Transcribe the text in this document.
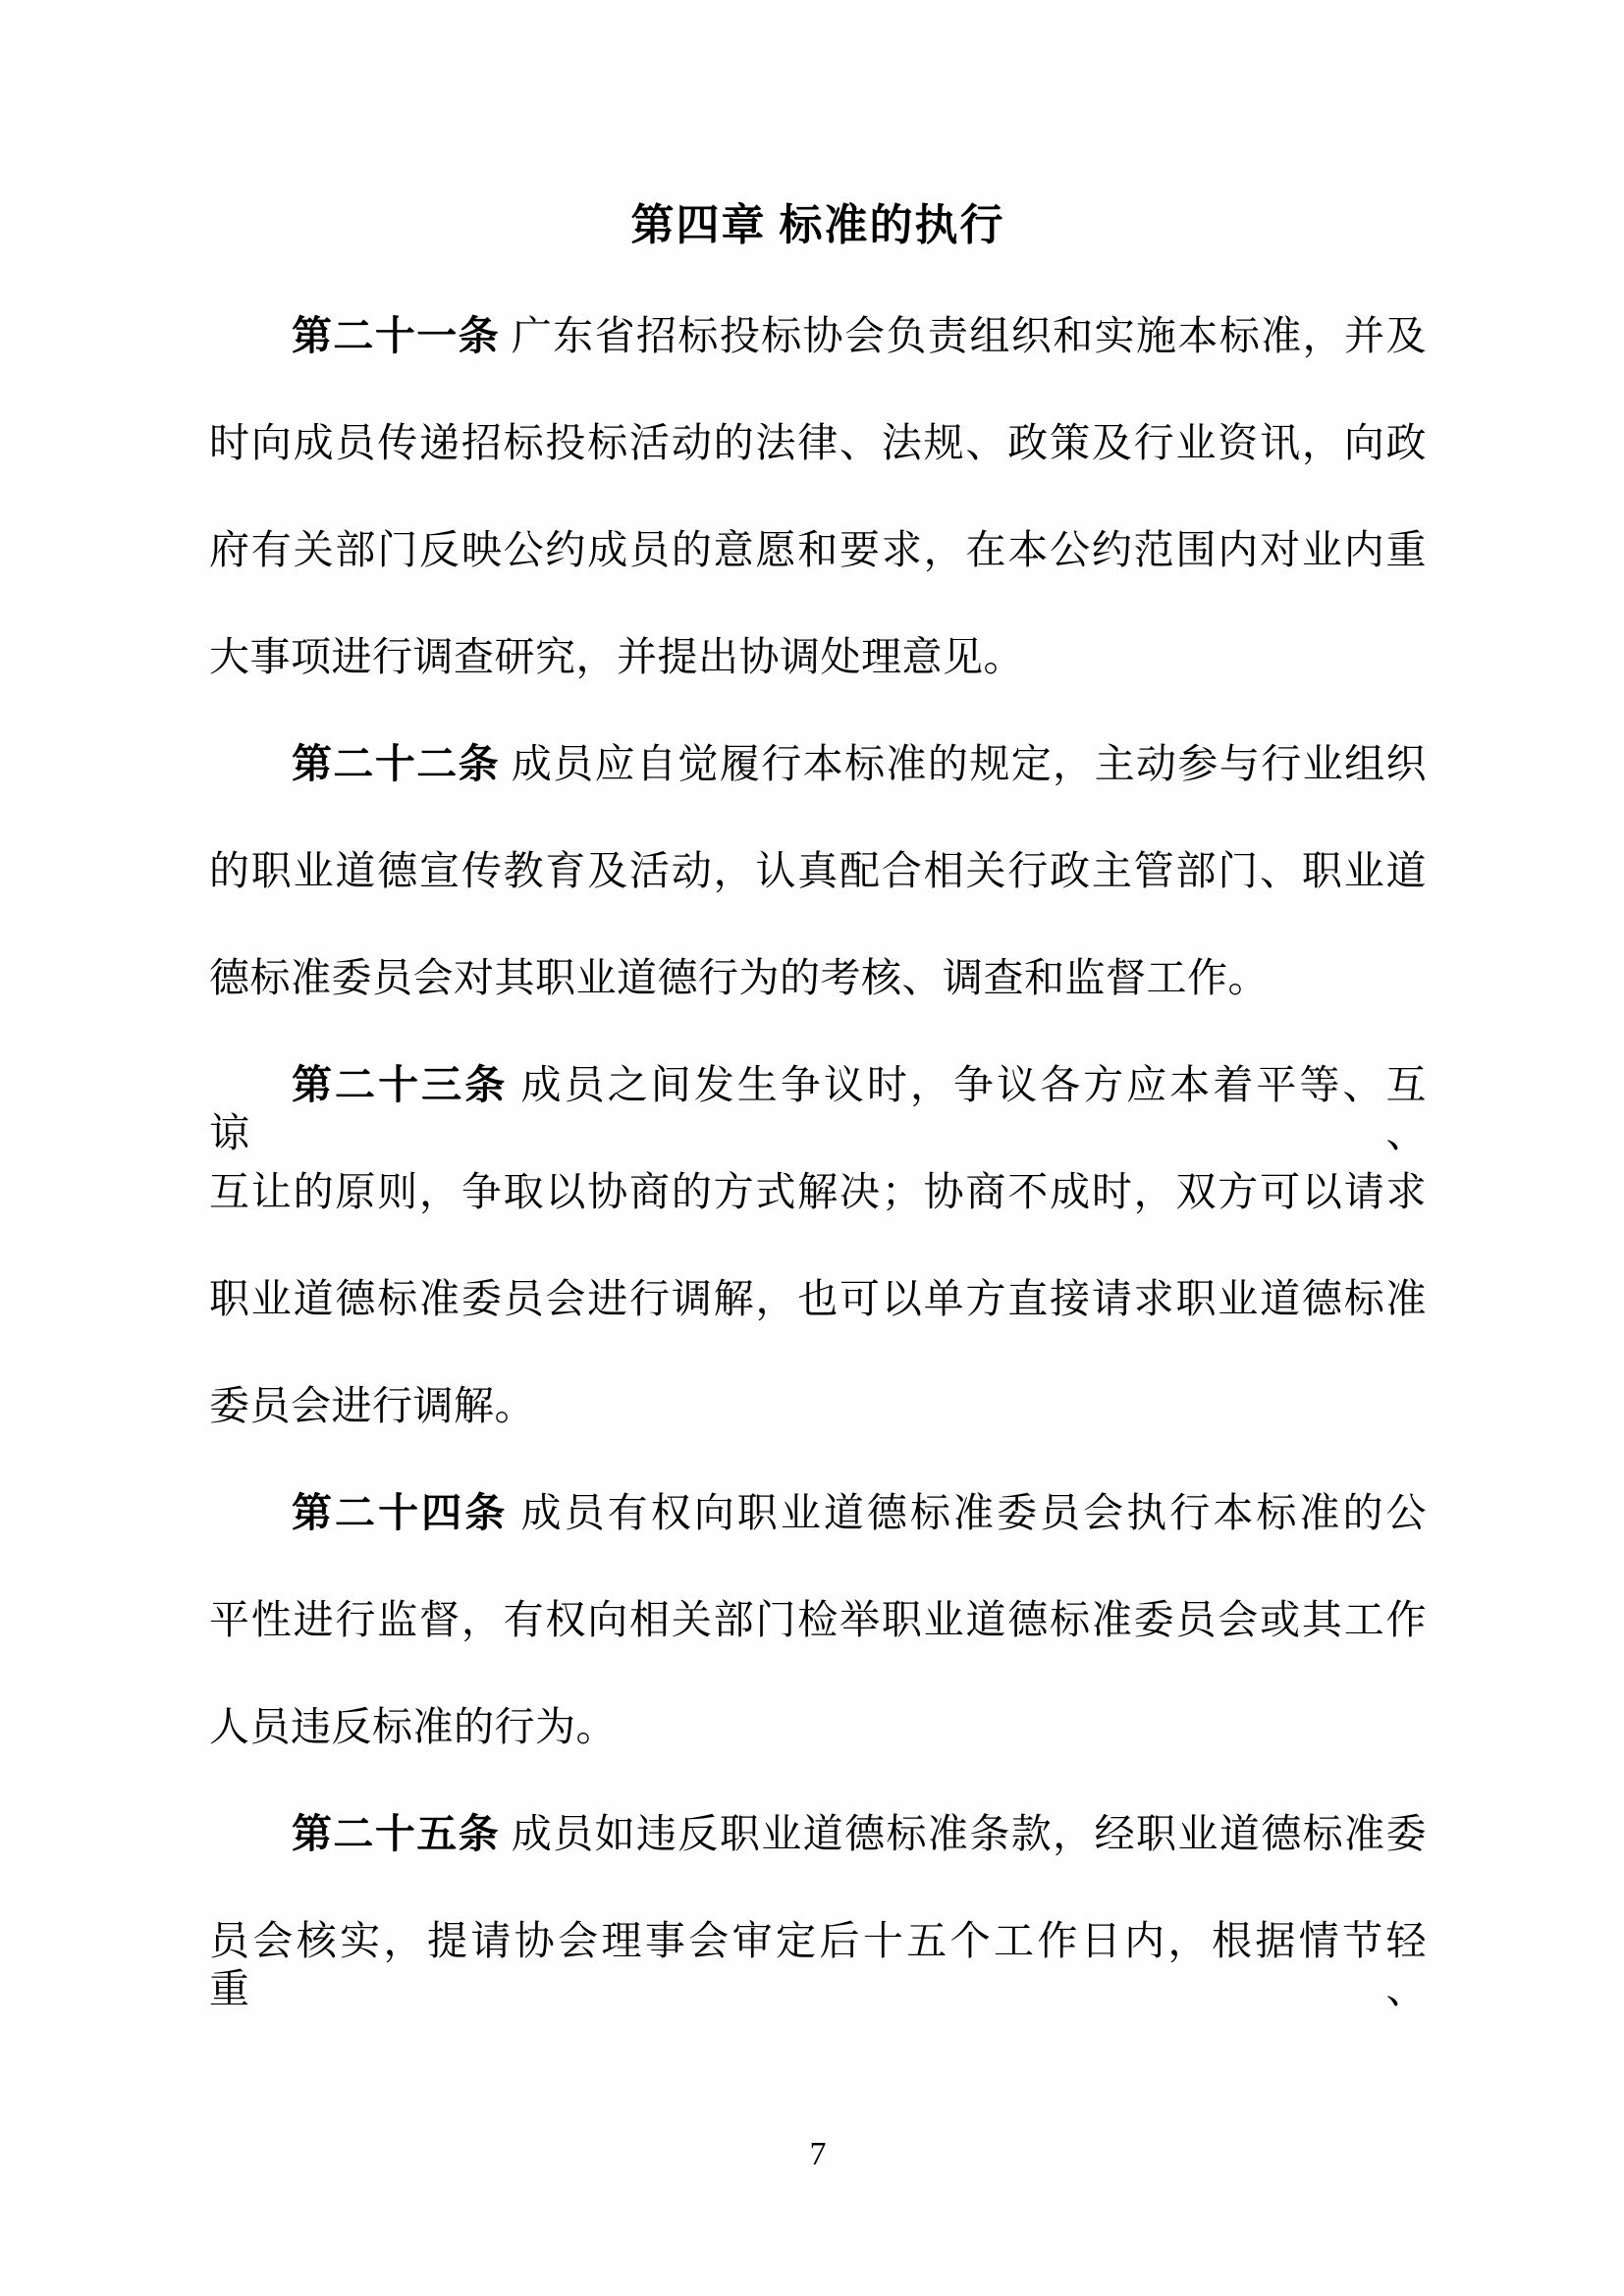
第四章 标准的执行
第二十一条 广东省招标投标协会负责组织和实施本标准，并及
时向成员传递招标投标活动的法律、法规、政策及行业资讯，向政
府有关部门反映公约成员的意愿和要求，在本公约范围内对业内重
大事项进行调查研究，并提出协调处理意见。
第二十二条 成员应自觉履行本标准的规定，主动参与行业组织
的职业道德宣传教育及活动，认真配合相关行政主管部门、职业道
德标准委员会对其职业道德行为的考核、调查和监督工作。
第二十三条 成员之间发生争议时，争议各方应本着平等、互谅、
互让的原则，争取以协商的方式解决；协商不成时，双方可以请求
职业道德标准委员会进行调解，也可以单方直接请求职业道德标准
委员会进行调解。
第二十四条 成员有权向职业道德标准委员会执行本标准的公
平性进行监督，有权向相关部门检举职业道德标准委员会或其工作
人员违反标准的行为。
第二十五条 成员如违反职业道德标准条款，经职业道德标准委
员会核实，提请协会理事会审定后十五个工作日内，根据情节轻重、
7
